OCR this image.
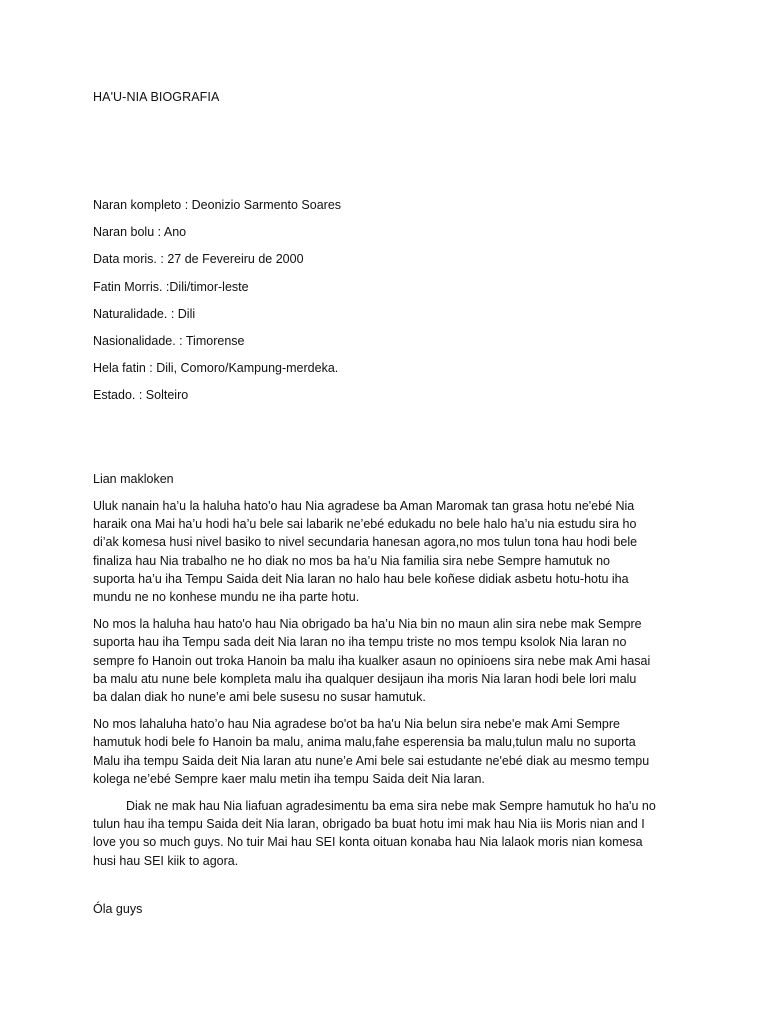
HA'U-NIA BIOGRAFIA
Naran kompleto : Deonizio Sarmento Soares
Naran bolu : Ano
Data moris. : 27 de Fevereiru de 2000
Fatin Morris. :Dili/timor-leste
Naturalidade. : Dili
Nasionalidade. : Timorense
Hela fatin : Dili, Comoro/Kampung-merdeka.
Estado. : Solteiro
Lian makloken
Uluk nanain ha’u la haluha hato'o hau Nia agradese ba Aman Maromak tan grasa hotu ne'ebé Nia
haraik ona Mai ha’u hodi ha’u bele sai labarik ne’ebé edukadu no bele halo ha’u nia estudu sira ho
di’ak komesa husi nivel basiko to nivel secundaria hanesan agora,no mos tulun tona hau hodi bele
finaliza hau Nia trabalho ne ho diak no mos ba ha’u Nia familia sira nebe Sempre hamutuk no
suporta ha’u iha Tempu Saida deit Nia laran no halo hau bele koñese didiak asbetu hotu-hotu iha
mundu ne no konhese mundu ne iha parte hotu.
No mos la haluha hau hato'o hau Nia obrigado ba ha’u Nia bin no maun alin sira nebe mak Sempre
suporta hau iha Tempu sada deit Nia laran no iha tempu triste no mos tempu ksolok Nia laran no
sempre fo Hanoin out troka Hanoin ba malu iha kualker asaun no opinioens sira nebe mak Ami hasai
ba malu atu nune bele kompleta malu iha qualquer desijaun iha moris Nia laran hodi bele lori malu
ba dalan diak ho nune’e ami bele susesu no susar hamutuk.
No mos lahaluha hato’o hau Nia agradese bo'ot ba ha'u Nia belun sira nebe'e mak Ami Sempre
hamutuk hodi bele fo Hanoin ba malu, anima malu,fahe esperensia ba malu,tulun malu no suporta
Malu iha tempu Saida deit Nia laran atu nune’e Ami bele sai estudante ne'ebé diak au mesmo tempu
kolega ne’ebé Sempre kaer malu metin iha tempu Saida deit Nia laran.
Diak ne mak hau Nia liafuan agradesimentu ba ema sira nebe mak Sempre hamutuk ho ha'u no
tulun hau iha tempu Saida deit Nia laran, obrigado ba buat hotu imi mak hau Nia iis Moris nian and I
love you so much guys. No tuir Mai hau SEI konta oituan konaba hau Nia lalaok moris nian komesa
husi hau SEI kiik to agora.
Óla guys
